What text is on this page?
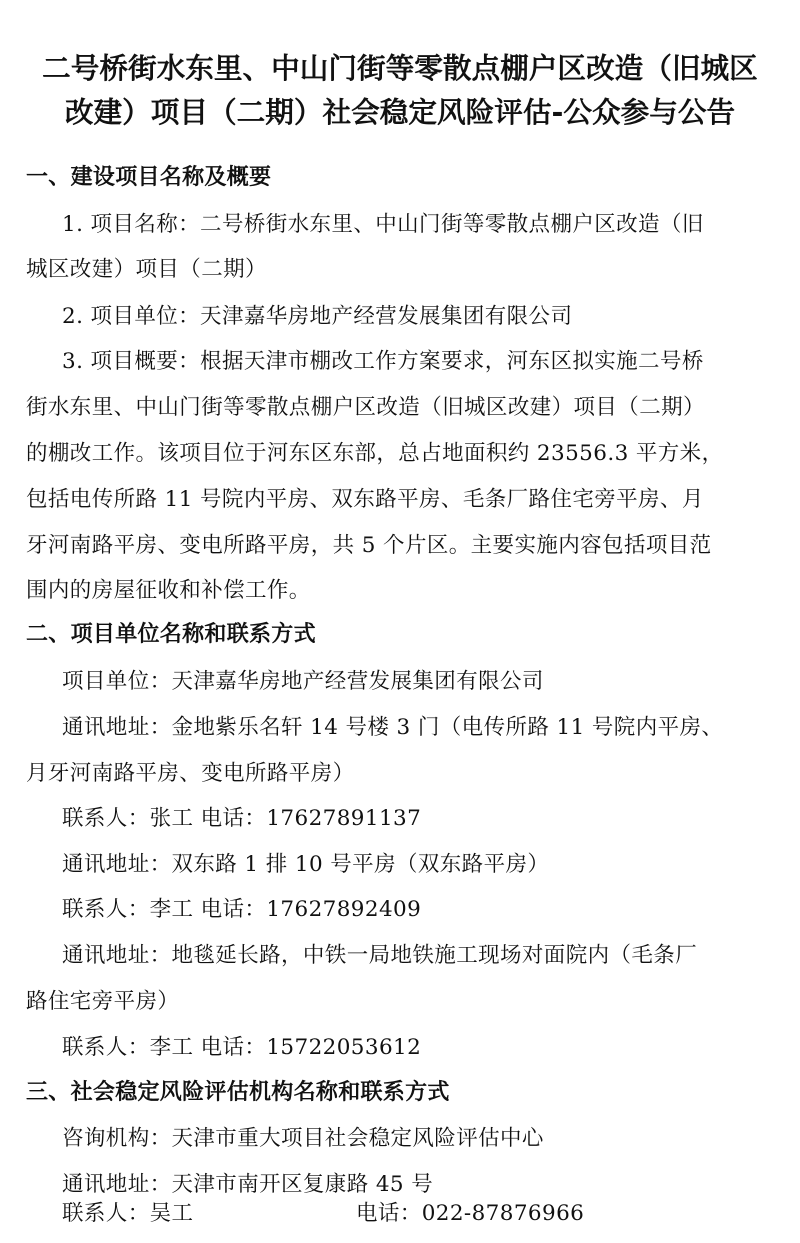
二号桥街水东里、中山门街等零散点棚户区改造（旧城区
改建）项目（二期）社会稳定风险评估-公众参与公告
一、建设项目名称及概要
1. 项目名称：二号桥街水东里、中山门街等零散点棚户区改造（旧
城区改建）项目（二期）
2. 项目单位：天津嘉华房地产经营发展集团有限公司
3. 项目概要：根据天津市棚改工作方案要求，河东区拟实施二号桥
街水东里、中山门街等零散点棚户区改造（旧城区改建）项目（二期）
的棚改工作。该项目位于河东区东部，总占地面积约 23556.3 平方米，
包括电传所路 11 号院内平房、双东路平房、毛条厂路住宅旁平房、月
牙河南路平房、变电所路平房，共 5 个片区。主要实施内容包括项目范
围内的房屋征收和补偿工作。
二、项目单位名称和联系方式
项目单位：天津嘉华房地产经营发展集团有限公司
通讯地址：金地紫乐名轩 14 号楼 3 门（电传所路 11 号院内平房、
月牙河南路平房、变电所路平房）
联系人：张工 电话：17627891137
通讯地址：双东路 1 排 10 号平房（双东路平房）
联系人：李工 电话：17627892409
通讯地址：地毯延长路，中铁一局地铁施工现场对面院内（毛条厂
路住宅旁平房）
联系人：李工 电话：15722053612
三、社会稳定风险评估机构名称和联系方式
咨询机构：天津市重大项目社会稳定风险评估中心
通讯地址：天津市南开区复康路 45 号
联系人：吴工	电话：022-87876966
